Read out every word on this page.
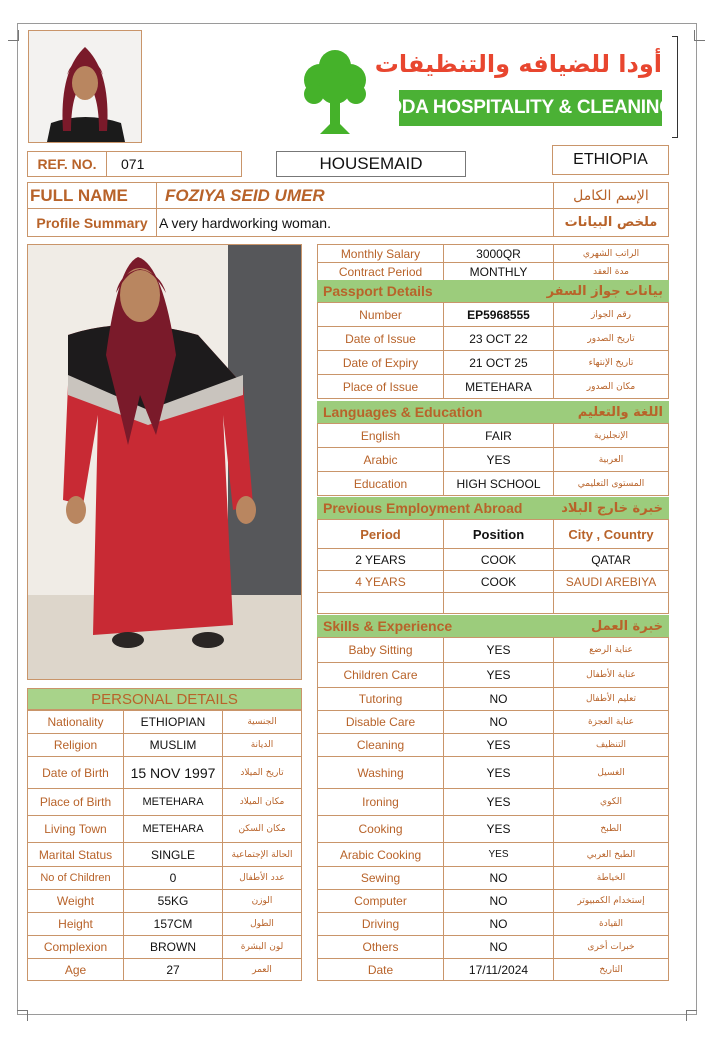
أودا للضيافه والتنظيفات
ODA HOSPITALITY & CLEANING
REF. NO.	071	HOUSEMAID	ETHIOPIA
FULL NAME	FOZIYA SEID UMER	الإسم الكامل
Profile Summary A very hardworking woman.	ملخص البيانات
PERSONAL DETAILS
Monthly Salary	3000QR	الراتب الشهري
Contract Period	MONTHLY	مدة العقد
Passport Details	بيانات جواز السفر
Number	EP5968555	رقم الجواز
Date of Issue	23 OCT 22	تاريخ الصدور
Date of Expiry	21 OCT 25	تاريخ الإنتهاء
Place of Issue	METEHARA	مكان الصدور
Languages & Education	اللغة والتعليم
English	FAIR	الإنجليزية
Arabic	YES	العربية
Education	HIGH SCHOOL	المستوى التعليمي
Previous Employment Abroad	خبرة خارج البلاد
Period	Position	City , Country
2 YEARS	COOK	QATAR
4 YEARS	COOK	SAUDI AREBIYA
Skills & Experience	خبرة العمل
Baby Sitting	YES	عناية الرضع
Children Care	YES	عناية الأطفال
Tutoring	NO	تعليم الأطفال
Disable Care	NO	عناية العجزة
Cleaning	YES	التنظيف
Washing	YES	الغسيل
Ironing	YES	الكوي
Cooking	YES	الطبخ
Arabic Cooking	YES	الطبخ العربي
Sewing	NO	الخياطة
Computer	NO	إستخدام الكمبيوتر
Driving	NO	القيادة
Others	NO	خبرات أخرى
Date	17/11/2024	التاريخ
Nationality	ETHIOPIAN	الجنسية
Religion	MUSLIM	الديانة
Date of Birth	15 NOV 1997	تاريخ الميلاد
Place of Birth	METEHARA	مكان الميلاد
Living Town	METEHARA	مكان السكن
Marital Status	SINGLE	الحالة الإجتماعية
No of Children	0	عدد الأطفال
Weight	55KG	الوزن
Height	157CM	الطول
Complexion	BROWN	لون البشرة
Age	27	العمر
